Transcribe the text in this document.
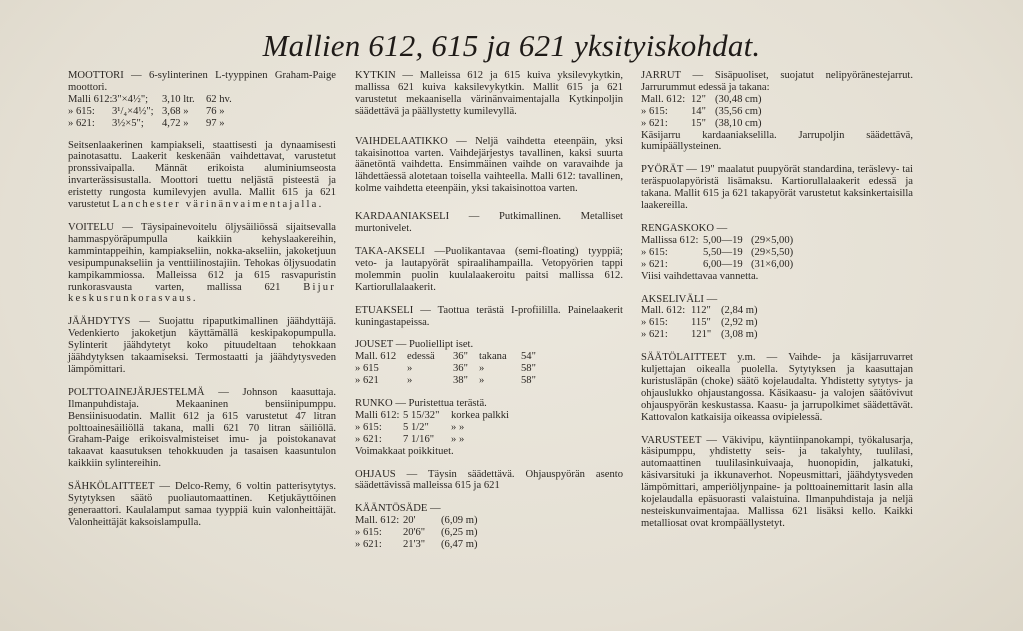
Mallien 612, 615 ja 621 yksityiskohdat.

MOOTTORI — 6-sylinterinen L-tyyppinen Graham-Paige moottori.

Malli 612: 3"×4½";	3,10 ltr.	62 hv.
» 615:	3¹/₄×4½"; 3,68 »	76 »
» 621:	3½×5";	4,72 »	97 »

Seitsenlaakerinen kampiakseli, staattisesti ja dynaamisesti painotasattu. Laakerit keskenään vaihdettavat, varustetut pronssivaipalla. Männät erikoista aluminiumseosta invarterässisustalla. Moottori tuettu neljästä pisteestä ja eristetty rungosta kumilevyjen avulla. Mallit 615 ja 621 varustetut Lanchester värinänvaimentajalla.

VOITELU — Täysipainevoitelu öljysäiliössä sijaitsevalla hammaspyöräpumpulla kaikkiin kehyslaakereihin, kammintappeihin, kampiakseliin, nokka-akseliin, jakoketjuun vesipumpunakseliin ja venttiilinostajiin. Tehokas öljysuodatin kampikammiossa. Malleissa 612 ja 615 rasvapuristin runkorasvausta varten, mallissa 621 Bijur keskusrunkorasvaus.

JÄÄHDYTYS — Suojattu ripaputkimallinen jäähdyttäjä. Vedenkierto jakoketjun käyttämällä keskipakopumpulla. Sylinterit jäähdytetyt koko pituudeltaan tehokkaan jäähdytyksen takaamiseksi. Termostaatti ja jäähdytysveden lämpömittari.

POLTTOAINEJÄRJESTELMÄ — Johnson kaasuttaja. Ilmanpuhdistaja. Mekaaninen bensiinipumppu. Bensiinisuodatin. Mallit 612 ja 615 varustetut 47 litran polttoainesäiliöllä takana, malli 621 70 litran säiliöllä. Graham-Paige erikoisvalmisteiset imu- ja poistokanavat takaavat kaasutuksen tehokkuuden ja tasaisen kaasuntulon kaikkiin sylintereihin.

SÄHKÖLAITTEET — Delco-Remy, 6 voltin patterisytytys. Sytytyksen säätö puoliautomaattinen. Ketjukäyttöinen generaattori. Kaulalamput samaa tyyppiä kuin valonheittäjät. Valonheittäjät kaksoislampulla.

KYTKIN — Malleissa 612 ja 615 kuiva yksilevykytkin, mallissa 621 kuiva kaksilevykytkin. Mallit 615 ja 621 varustetut mekaanisella värinänvaimentajalla Kytkinpoljin säädettävä ja päällystetty kumilevyllä.

VAIHDELAATIKKO — Neljä vaihdetta eteenpäin, yksi takaisinottoa varten. Vaihdejärjestys tavallinen, kaksi suurta äänetöntä vaihdetta. Ensimmäinen vaihde on varavaihde ja lähdettäessä alotetaan toisella vaihteella. Malli 612: tavallinen, kolme vaihdetta eteenpäin, yksi takaisinottoa varten.

KARDAANIAKSELI — Putkimallinen. Metalliset murtonivelet.

TAKA-AKSELI —Puolikantavaa (semi-floating) tyyppiä; veto- ja lautapyörät spiraalihampailla. Vetopyörien tappi molemmin puolin kuulalaakeroitu paitsi mallissa 612. Kartiorullalaakerit.

ETUAKSELI — Taottua terästä I-profiililla. Painelaakerit kuningastapeissa.

JOUSET — Puoliellipt iset.

Mall. 612	edessä	36"	takana	54"
» 615	»	36"	»	58"
» 621	»	38"	»	58"

RUNKO — Puristettua terästä.

Malli 612: 5 15/32"	korkea palkki
» 615:	5 1/2"	» »
» 621:	7 1/16"	» »

Voimakkaat poikkituet.

OHJAUS — Täysin säädettävä. Ohjauspyörän asento säädettävissä malleissa 615 ja 621

KÄÄNTÖSÄDE —

Mall. 612: 20'	(6,09 m)
» 615:	20'6"	(6,25 m)
» 621:	21'3"	(6,47 m)

JARRUT — Sisäpuoliset, suojatut nelipyöränestejarrut. Jarrurummut edessä ja takana:

Mall. 612: 12" (30,48 cm)
» 615:	14" (35,56 cm)
» 621:	15" (38,10 cm)

Käsijarru kardaaniakselilla. Jarrupoljin säädettävä, kumipäällysteinen.

PYÖRÄT — 19" maalatut puupyörät standardina, teräslevy- tai teräspuolapyöristä lisämaksu. Kartiorullalaakerit edessä ja takana. Mallit 615 ja 621 takapyörät varustetut kaksinkertaisilla laakereilla.

RENGASKOKO —

Mallissa 612: 5,00—19 (29×5,00)
» 615:	5,50—19 (29×5,50)
» 621:	6,00—19 (31×6,00)

Viisi vaihdettavaa vannetta.

AKSELIVÄLI —

Mall. 612: 112" (2,84 m)
» 615:	115" (2,92 m)
» 621:	121" (3,08 m)

SÄÄTÖLAITTEET y.m. — Vaihde- ja käsijarruvarret kuljettajan oikealla puolella. Sytytyksen ja kaasuttajan kuristusläpän (choke) säätö kojelaudalta. Yhdistetty sytytys- ja ohjauslukko ohjaustangossa. Käsikaasu- ja valojen säätövivut ohjauspyörän keskustassa. Kaasu- ja jarrupolkimet säädettävät. Kattovalon katkaisija oikeassa ovipielessä.

VARUSTEET — Väkivipu, käyntiinpanokampi, työkalusarja, käsipumppu, yhdistetty seis- ja takalyhty, tuulilasi, automaattinen tuulilasinkuivaaja, huonopidin, jalkatuki, käsivarsituki ja ikkunaverhot. Nopeusmittari, jäähdytysveden lämpömittari, amperiöljynpaine- ja polttoainemittarit lasin alla kojelaudalla epäsuorasti valaistuina. Ilmanpuhdistaja ja neljä nesteiskunvaimentajaa. Mallissa 621 lisäksi kello. Kaikki metalliosat ovat krompäällystetyt.
